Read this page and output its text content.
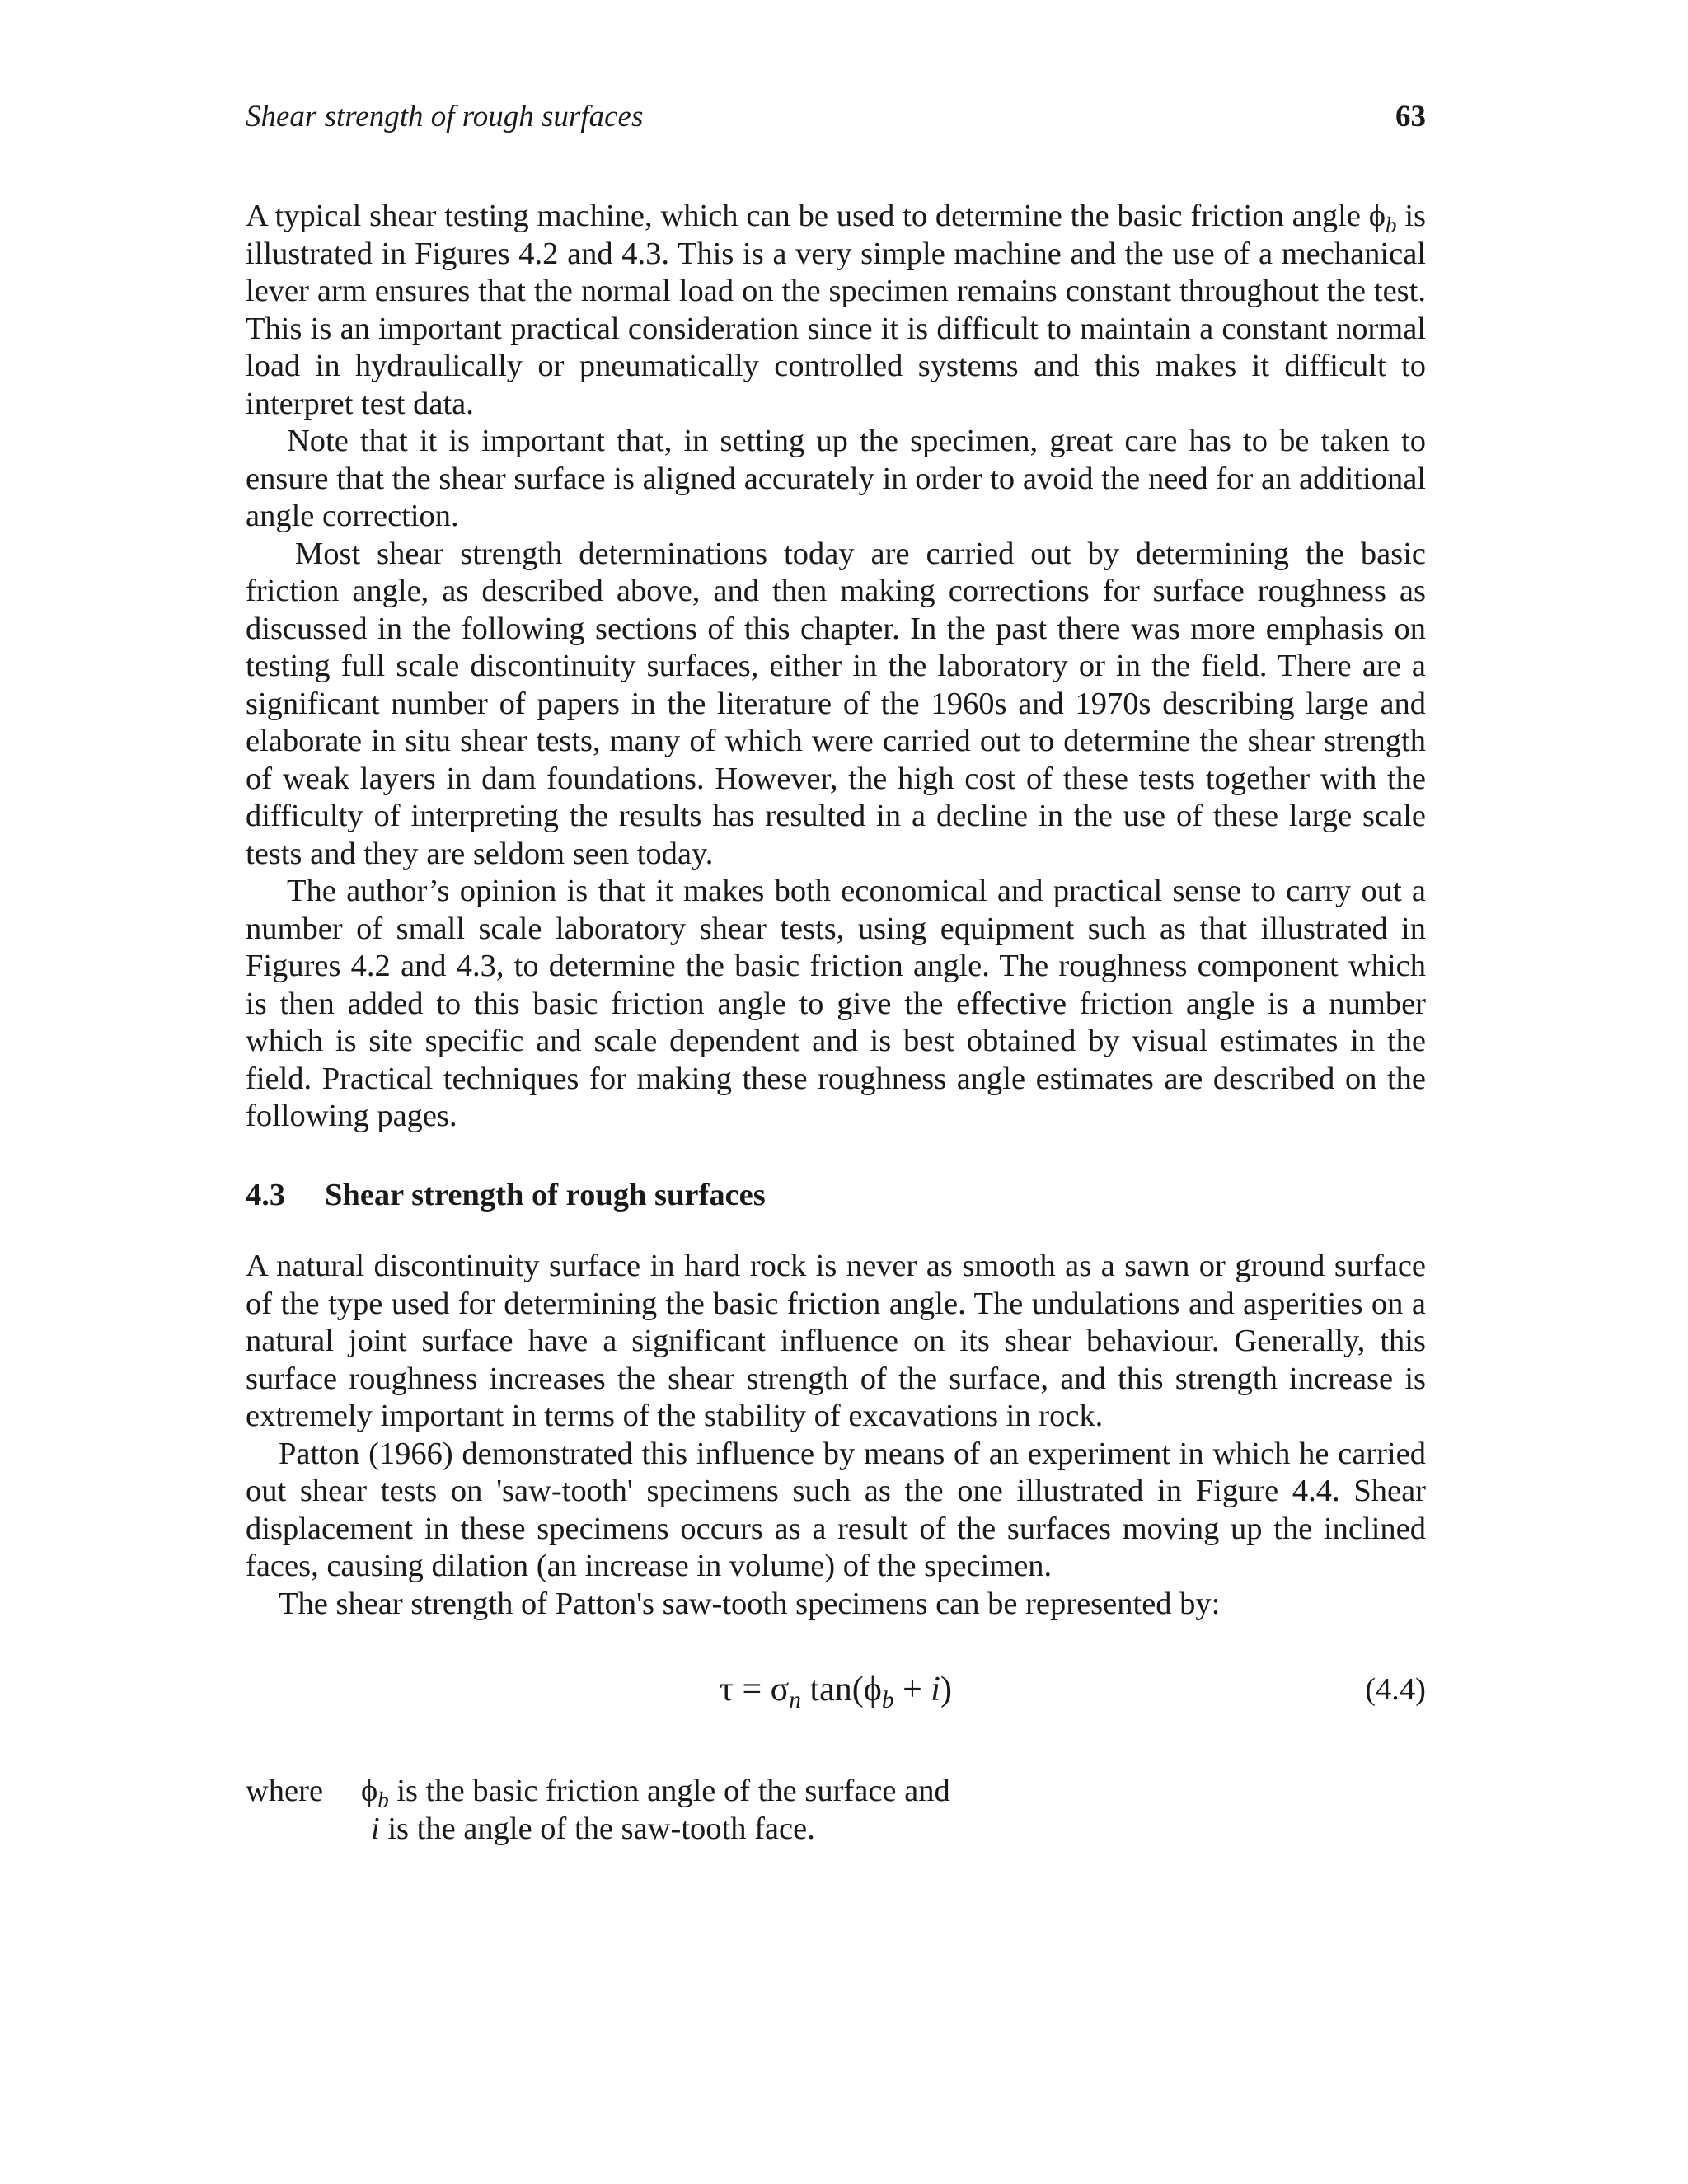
Shear strength of rough surfaces	63

A typical shear testing machine, which can be used to determine the basic friction angle $\phi_b$ is illustrated in Figures 4.2 and 4.3. This is a very simple machine and the use of a mechanical lever arm ensures that the normal load on the specimen remains constant throughout the test. This is an important practical consideration since it is difficult to maintain a constant normal load in hydraulically or pneumatically controlled systems and this makes it difficult to interpret test data.

Note that it is important that, in setting up the specimen, great care has to be taken to ensure that the shear surface is aligned accurately in order to avoid the need for an additional angle correction.

Most shear strength determinations today are carried out by determining the basic friction angle, as described above, and then making corrections for surface roughness as discussed in the following sections of this chapter. In the past there was more emphasis on testing full scale discontinuity surfaces, either in the laboratory or in the field. There are a significant number of papers in the literature of the 1960s and 1970s describing large and elaborate in situ shear tests, many of which were carried out to determine the shear strength of weak layers in dam foundations. However, the high cost of these tests together with the difficulty of interpreting the results has resulted in a decline in the use of these large scale tests and they are seldom seen today.

The author’s opinion is that it makes both economical and practical sense to carry out a number of small scale laboratory shear tests, using equipment such as that illustrated in Figures 4.2 and 4.3, to determine the basic friction angle. The roughness component which is then added to this basic friction angle to give the effective friction angle is a number which is site specific and scale dependent and is best obtained by visual estimates in the field. Practical techniques for making these roughness angle estimates are described on the following pages.

4.3 Shear strength of rough surfaces

A natural discontinuity surface in hard rock is never as smooth as a sawn or ground surface of the type used for determining the basic friction angle. The undulations and asperities on a natural joint surface have a significant influence on its shear behaviour. Generally, this surface roughness increases the shear strength of the surface, and this strength increase is extremely important in terms of the stability of excavations in rock.

Patton (1966) demonstrated this influence by means of an experiment in which he carried out shear tests on 'saw-tooth' specimens such as the one illustrated in Figure 4.4. Shear displacement in these specimens occurs as a result of the surfaces moving up the inclined faces, causing dilation (an increase in volume) of the specimen.

The shear strength of Patton's saw-tooth specimens can be represented by:

$\tau = \sigma_n$ $\tan(\phi_b + i)$	(4.4)
where $\phi_b$ is the basic friction angle of the surface and
i is the angle of the saw-tooth face.
